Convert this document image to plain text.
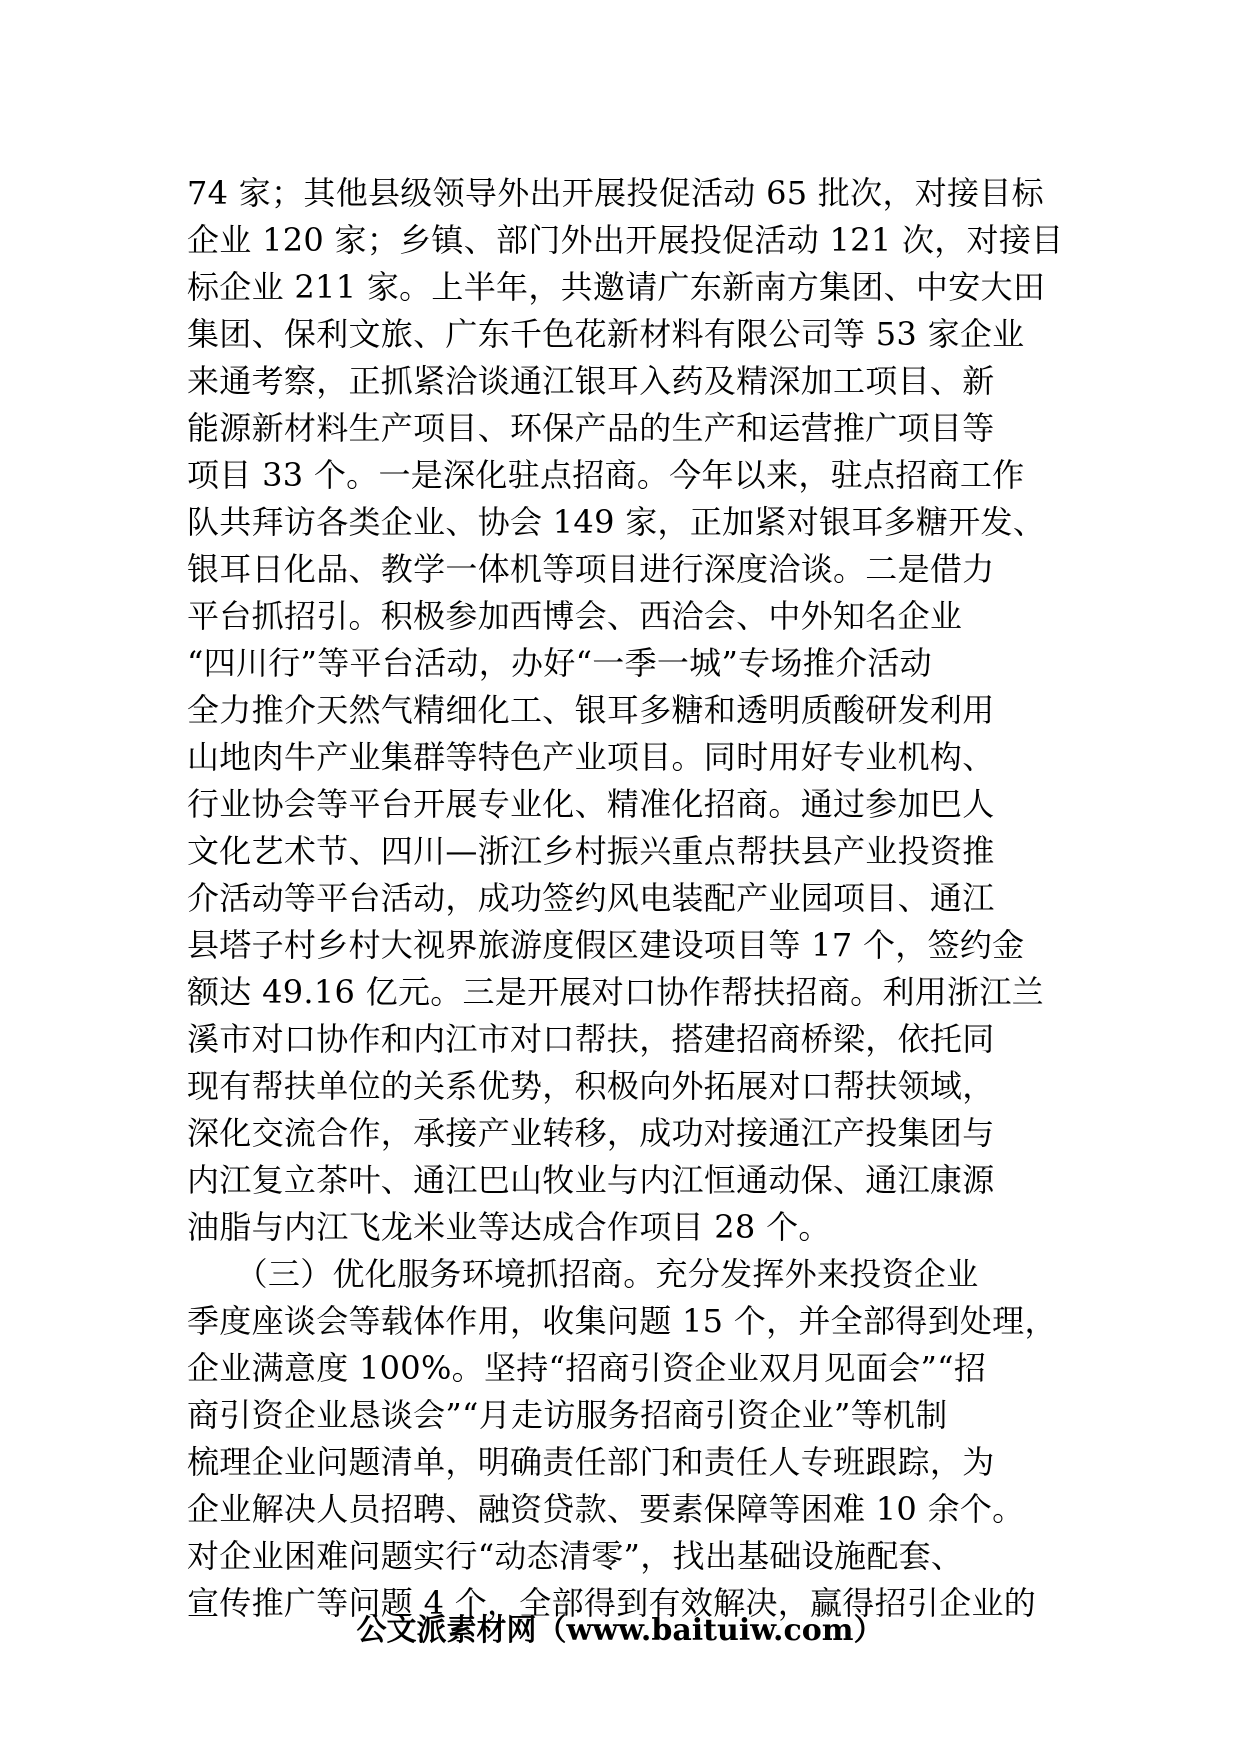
74 家；其他县级领导外出开展投促活动 65 批次，对接目标
企业 120 家；乡镇、部门外出开展投促活动 121 次，对接目
标企业 211 家。上半年，共邀请广东新南方集团、中安大田
集团、保利文旅、广东千色花新材料有限公司等 53 家企业
来通考察，正抓紧洽谈通江银耳入药及精深加工项目、新
能源新材料生产项目、环保产品的生产和运营推广项目等
项目 33 个。一是深化驻点招商。今年以来，驻点招商工作
队共拜访各类企业、协会 149 家，正加紧对银耳多糖开发、
银耳日化品、教学一体机等项目进行深度洽谈。二是借力
平台抓招引。积极参加西博会、西洽会、中外知名企业
“四川行”等平台活动，办好“一季一城”专场推介活动
全力推介天然气精细化工、银耳多糖和透明质酸研发利用
山地肉牛产业集群等特色产业项目。同时用好专业机构、
行业协会等平台开展专业化、精准化招商。通过参加巴人
文化艺术节、四川—浙江乡村振兴重点帮扶县产业投资推
介活动等平台活动，成功签约风电装配产业园项目、通江
县塔子村乡村大视界旅游度假区建设项目等 17 个，签约金
额达 49.16 亿元。三是开展对口协作帮扶招商。利用浙江兰
溪市对口协作和内江市对口帮扶，搭建招商桥梁，依托同
现有帮扶单位的关系优势，积极向外拓展对口帮扶领域，
深化交流合作，承接产业转移，成功对接通江产投集团与
内江复立茶叶、通江巴山牧业与内江恒通动保、通江康源
油脂与内江飞龙米业等达成合作项目 28 个。
　　（三）优化服务环境抓招商。充分发挥外来投资企业
季度座谈会等载体作用，收集问题 15 个，并全部得到处理，
企业满意度 100%。坚持“招商引资企业双月见面会”“招
商引资企业恳谈会”“月走访服务招商引资企业”等机制
梳理企业问题清单，明确责任部门和责任人专班跟踪，为
企业解决人员招聘、融资贷款、要素保障等困难 10 余个。
对企业困难问题实行“动态清零”，找出基础设施配套、
宣传推广等问题 4 个，全部得到有效解决，赢得招引企业的
公文派素材网（www.baituiw.com）
